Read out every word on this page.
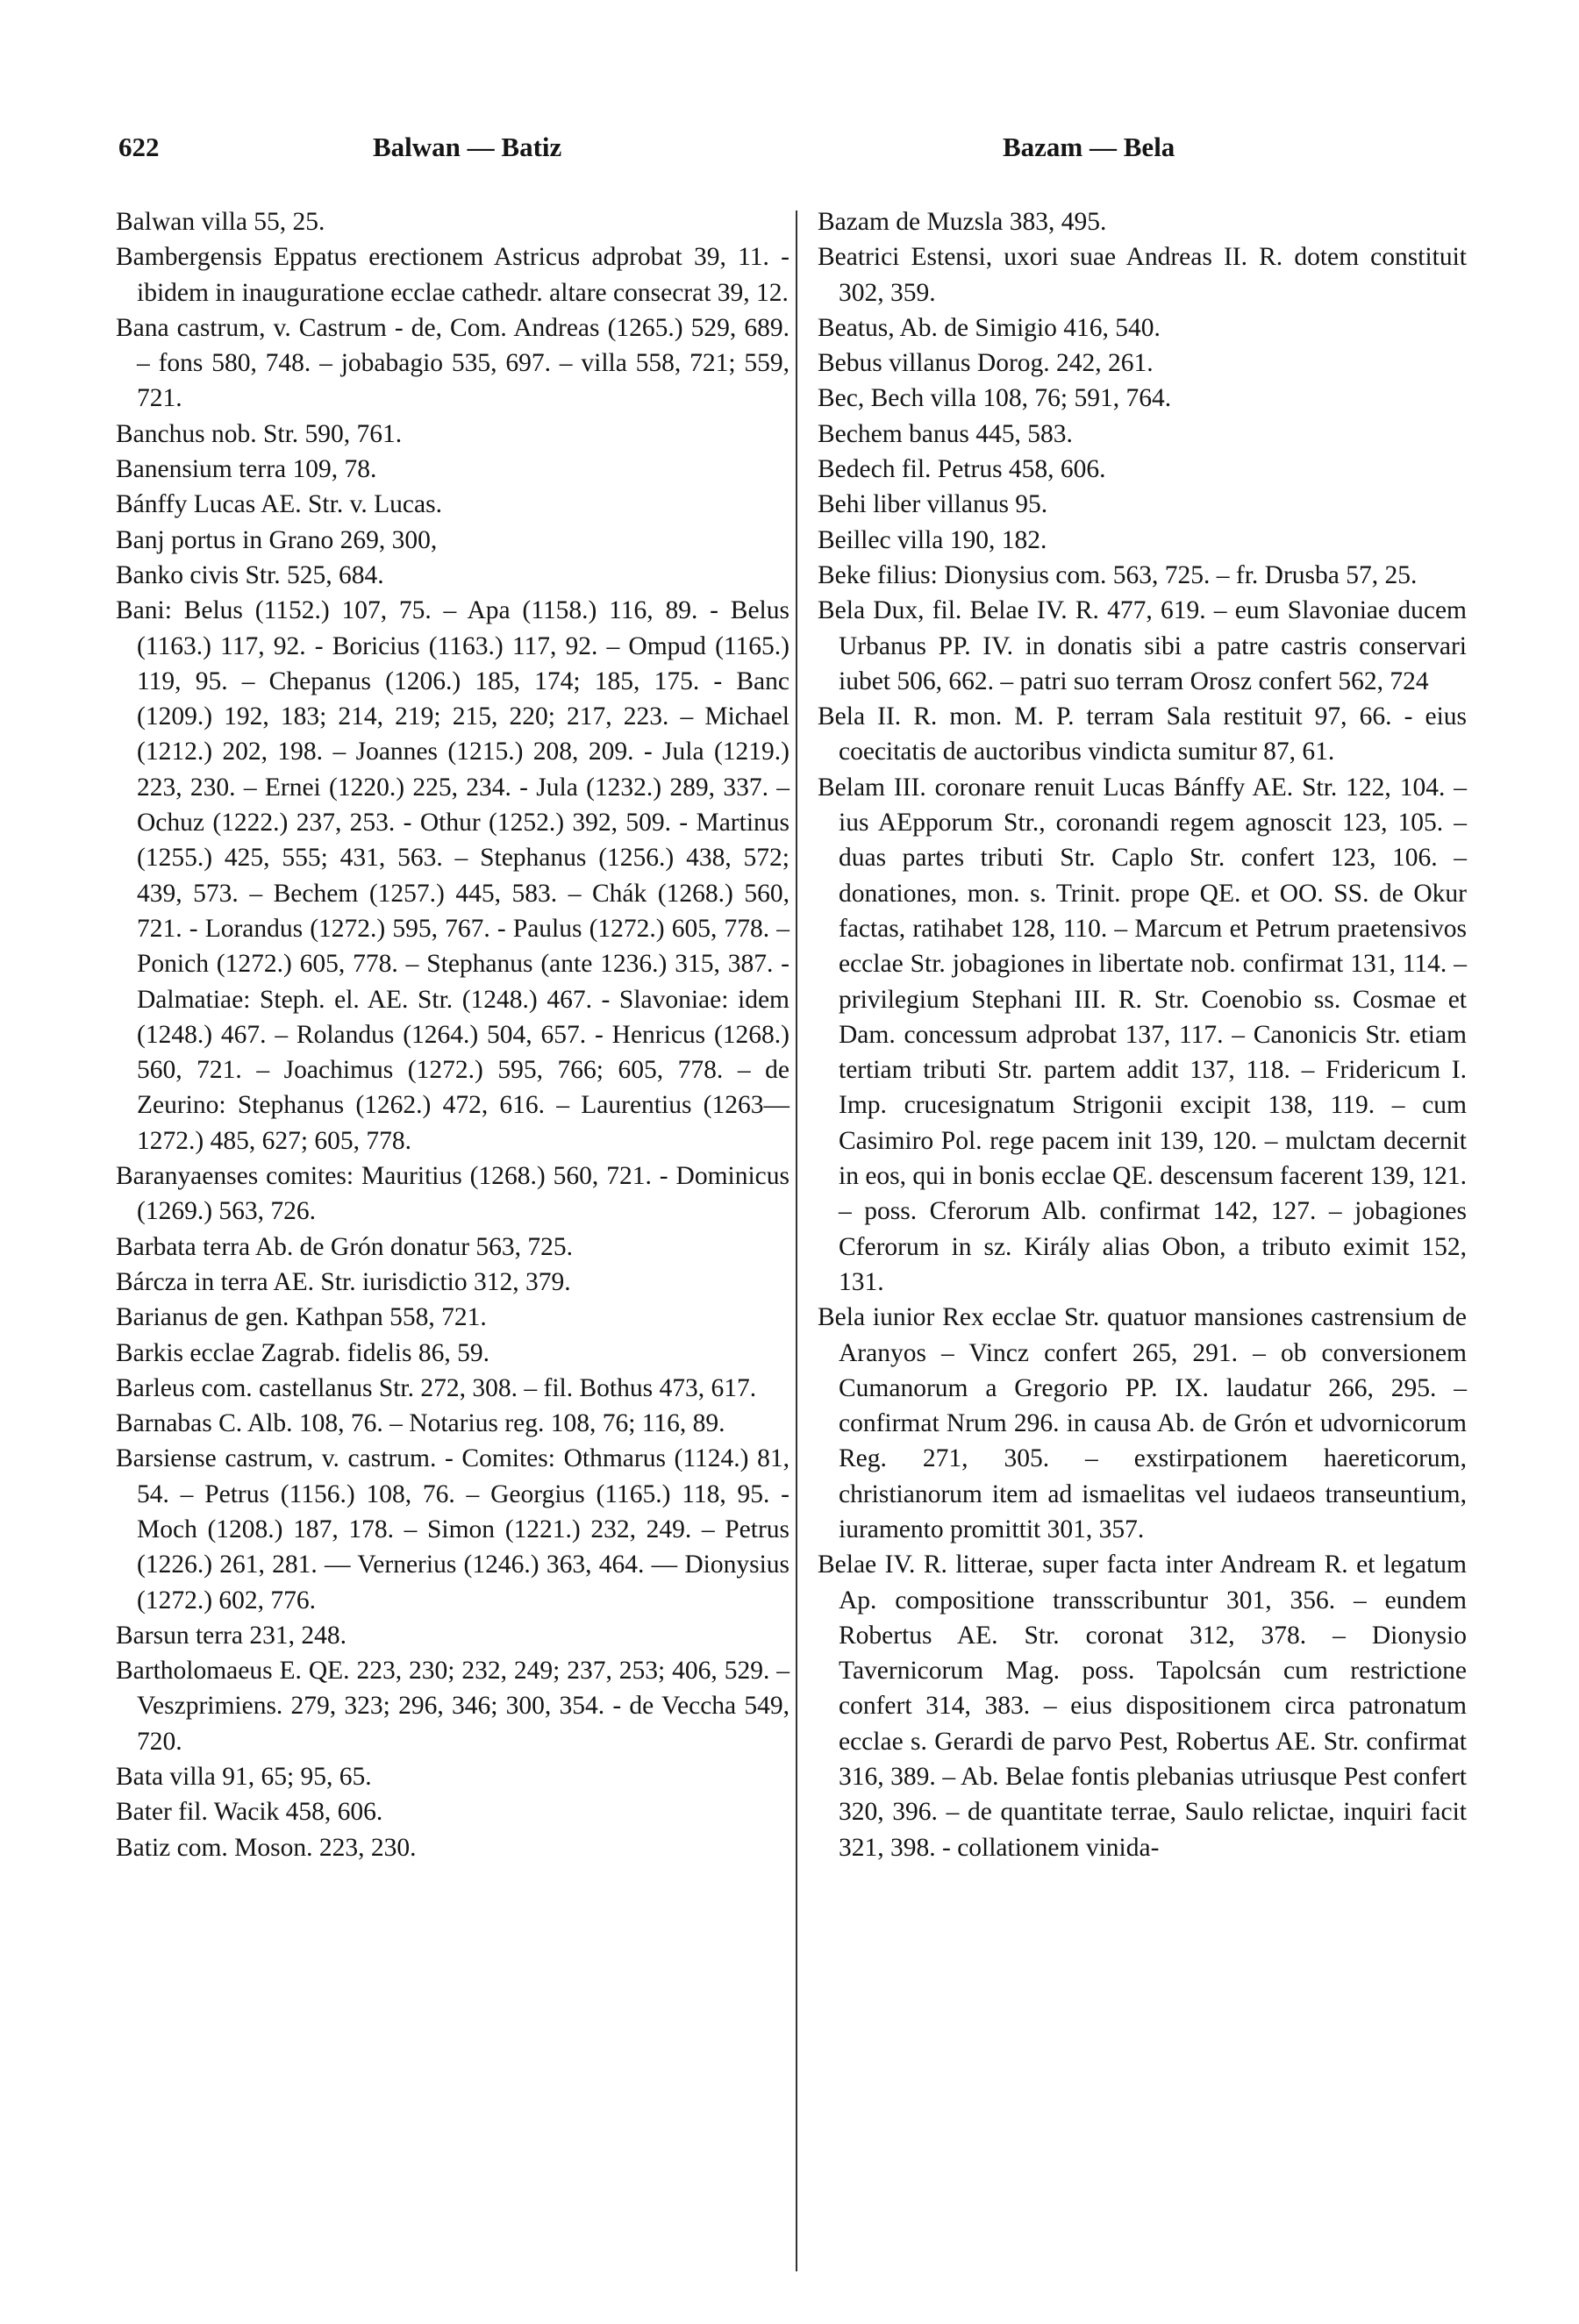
622	Balwan — Batiz	Bazam — Bela

Balwan villa 55, 25.

Bambergensis Eppatus erectionem Astricus adprobat 39, 11. - ibidem in inauguratione ecclae cathedr. altare consecrat 39, 12.

Bana castrum, v. Castrum - de, Com. Andreas (1265.) 529, 689. – fons 580, 748. – jobabagio 535, 697. – villa 558, 721; 559, 721.

Banchus nob. Str. 590, 761.

Banensium terra 109, 78.

Bánffy Lucas AE. Str. v. Lucas.

Banj portus in Grano 269, 300,

Banko civis Str. 525, 684.

Bani: Belus (1152.) 107, 75. – Apa (1158.) 116, 89. - Belus (1163.) 117, 92. - Boricius (1163.) 117, 92. – Ompud (1165.) 119, 95. – Chepanus (1206.) 185, 174; 185, 175. - Banc (1209.) 192, 183; 214, 219; 215, 220; 217, 223. – Michael (1212.) 202, 198. – Joannes (1215.) 208, 209. - Jula (1219.) 223, 230. – Ernei (1220.) 225, 234. - Jula (1232.) 289, 337. – Ochuz (1222.) 237, 253. - Othur (1252.) 392, 509. - Martinus (1255.) 425, 555; 431, 563. – Stephanus (1256.) 438, 572; 439, 573. – Bechem (1257.) 445, 583. – Chák (1268.) 560, 721. - Lorandus (1272.) 595, 767. - Paulus (1272.) 605, 778. – Ponich (1272.) 605, 778. – Stephanus (ante 1236.) 315, 387. - Dalmatiae: Steph. el. AE. Str. (1248.) 467. - Slavoniae: idem (1248.) 467. – Rolandus (1264.) 504, 657. - Henricus (1268.) 560, 721. – Joachimus (1272.) 595, 766; 605, 778. – de Zeurino: Stephanus (1262.) 472, 616. – Laurentius (1263—1272.) 485, 627; 605, 778.

Baranyaenses comites: Mauritius (1268.) 560, 721. - Dominicus (1269.) 563, 726.

Barbata terra Ab. de Grón donatur 563, 725.

Bárcza in terra AE. Str. iurisdictio 312, 379.

Barianus de gen. Kathpan 558, 721.

Barkis ecclae Zagrab. fidelis 86, 59.

Barleus com. castellanus Str. 272, 308. – fil. Bothus 473, 617.

Barnabas C. Alb. 108, 76. – Notarius reg. 108, 76; 116, 89.

Barsiense castrum, v. castrum. - Comites: Othmarus (1124.) 81, 54. – Petrus (1156.) 108, 76. – Georgius (1165.) 118, 95. - Moch (1208.) 187, 178. – Simon (1221.) 232, 249. – Petrus (1226.) 261, 281. — Vernerius (1246.) 363, 464. — Dionysius (1272.) 602, 776.

Barsun terra 231, 248.

Bartholomaeus E. QE. 223, 230; 232, 249; 237, 253; 406, 529. – Veszprimiens. 279, 323; 296, 346; 300, 354. - de Veccha 549, 720.

Bata villa 91, 65; 95, 65.

Bater fil. Wacik 458, 606.

Batiz com. Moson. 223, 230.

Bazam de Muzsla 383, 495.

Beatrici Estensi, uxori suae Andreas II. R. dotem constituit 302, 359.

Beatus, Ab. de Simigio 416, 540.

Bebus villanus Dorog. 242, 261.

Bec, Bech villa 108, 76; 591, 764.

Bechem banus 445, 583.

Bedech fil. Petrus 458, 606.

Behi liber villanus 95.

Beillec villa 190, 182.

Beke filius: Dionysius com. 563, 725. – fr. Drusba 57, 25.

Bela Dux, fil. Belae IV. R. 477, 619. – eum Slavoniae ducem Urbanus PP. IV. in donatis sibi a patre castris conservari iubet 506, 662. – patri suo terram Orosz confert 562, 724

Bela II. R. mon. M. P. terram Sala restituit 97, 66. - eius coecitatis de auctoribus vindicta sumitur 87, 61.

Belam III. coronare renuit Lucas Bánffy AE. Str. 122, 104. – ius AEpporum Str., coronandi regem agnoscit 123, 105. – duas partes tributi Str. Caplo Str. confert 123, 106. – donationes, mon. s. Trinit. prope QE. et OO. SS. de Okur factas, ratihabet 128, 110. – Marcum et Petrum praetensivos ecclae Str. jobagiones in libertate nob. confirmat 131, 114. – privilegium Stephani III. R. Str. Coenobio ss. Cosmae et Dam. concessum adprobat 137, 117. – Canonicis Str. etiam tertiam tributi Str. partem addit 137, 118. – Fridericum I. Imp. crucesignatum Strigonii excipit 138, 119. – cum Casimiro Pol. rege pacem init 139, 120. – mulctam decernit in eos, qui in bonis ecclae QE. descensum facerent 139, 121. – poss. Cferorum Alb. confirmat 142, 127. – jobagiones Cferorum in sz. Király alias Obon, a tributo eximit 152, 131.

Bela iunior Rex ecclae Str. quatuor mansiones castrensium de Aranyos – Vincz confert 265, 291. – ob conversionem Cumanorum a Gregorio PP. IX. laudatur 266, 295. – confirmat Nrum 296. in causa Ab. de Grón et udvornicorum Reg. 271, 305. – exstirpationem haereticorum, christianorum item ad ismaelitas vel iudaeos transeuntium, iuramento promittit 301, 357.

Belae IV. R. litterae, super facta inter Andream R. et legatum Ap. compositione transscribuntur 301, 356. – eundem Robertus AE. Str. coronat 312, 378. – Dionysio Tavernicorum Mag. poss. Tapolcsán cum restrictione confert 314, 383. – eius dispositionem circa patronatum ecclae s. Gerardi de parvo Pest, Robertus AE. Str. confirmat 316, 389. – Ab. Belae fontis plebanias utriusque Pest confert 320, 396. – de quantitate terrae, Saulo relictae, inquiri facit 321, 398. - collationem vinida-
